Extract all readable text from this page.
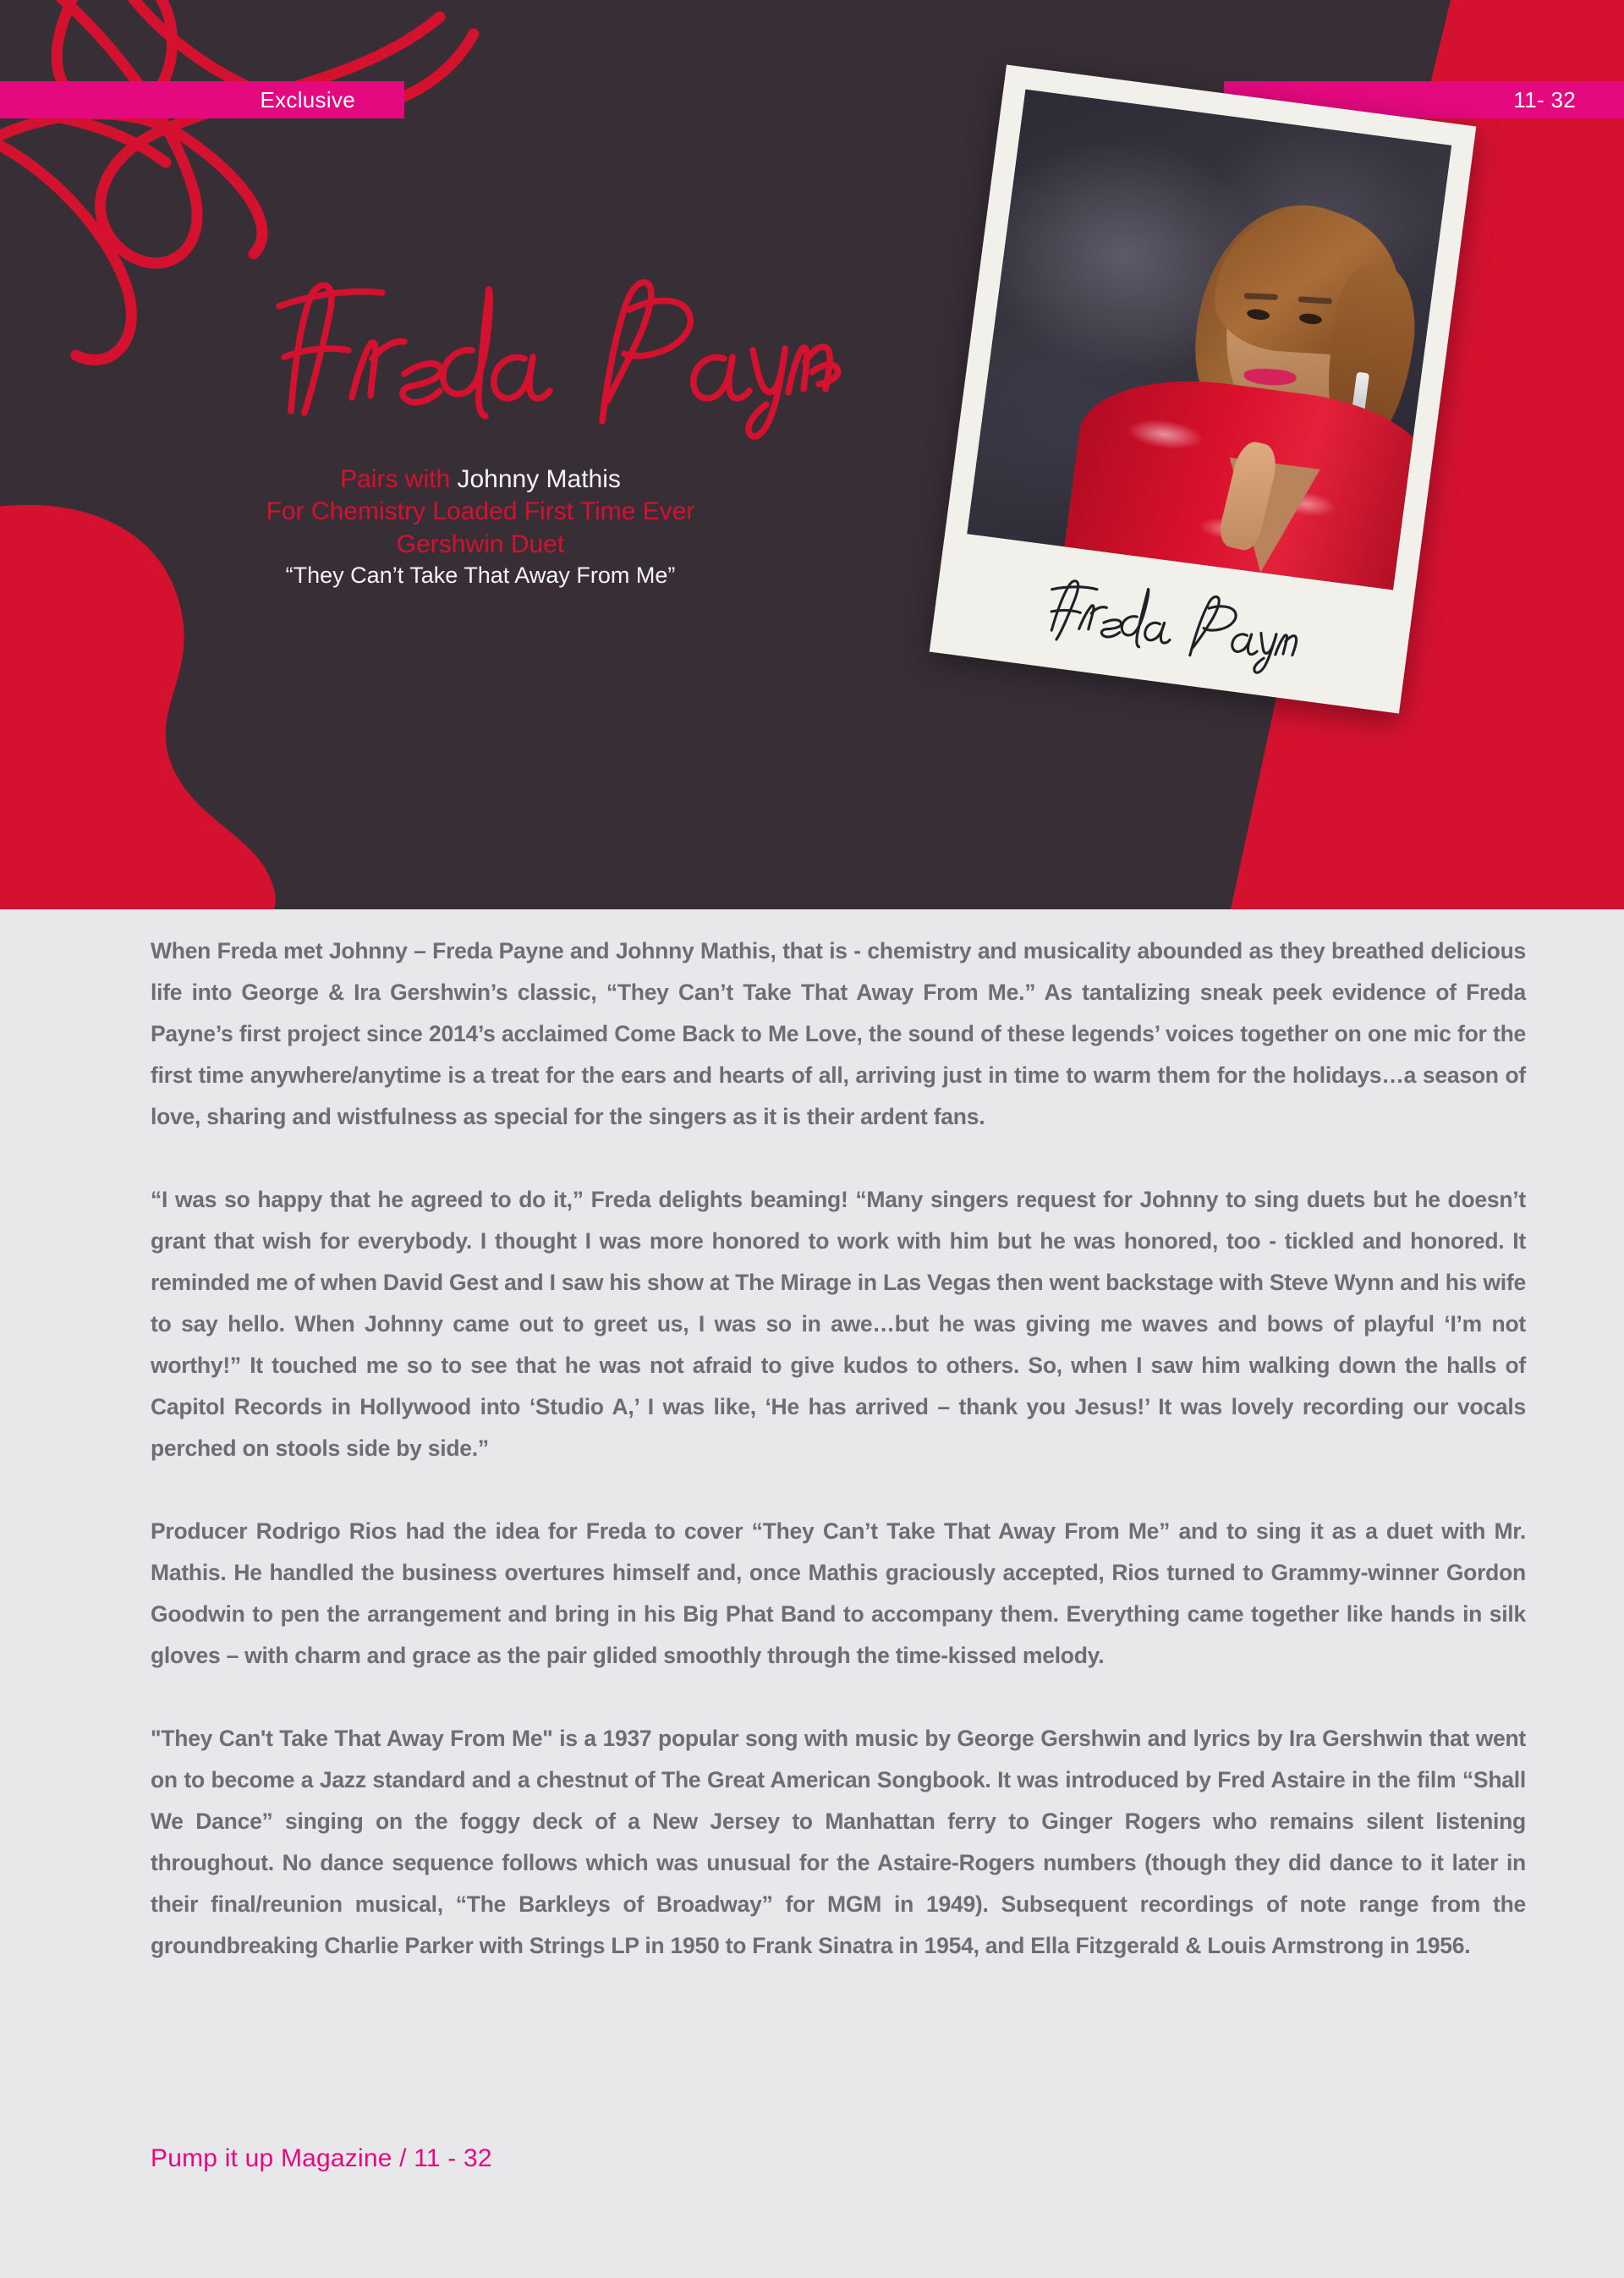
Exclusive	11- 32
Pairs with Johnny Mathis
For Chemistry Loaded First Time Ever
Gershwin Duet
“They Can’t Take That Away From Me”

When Freda met Johnny – Freda Payne and Johnny Mathis, that is - chemistry and musicality abounded as they breathed delicious life into George & Ira Gershwin’s classic, “They Can’t Take That Away From Me.” As tantalizing sneak peek evidence of Freda Payne’s first project since 2014’s acclaimed Come Back to Me Love, the sound of these legends’ voices together on one mic for the first time anywhere/anytime is a treat for the ears and hearts of all, arriving just in time to warm them for the holidays…a season of love, sharing and wistfulness as special for the singers as it is their ardent fans.

“I was so happy that he agreed to do it,” Freda delights beaming! “Many singers request for Johnny to sing duets but he doesn’t grant that wish for everybody. I thought I was more honored to work with him but he was honored, too - tickled and honored. It reminded me of when David Gest and I saw his show at The Mirage in Las Vegas then went backstage with Steve Wynn and his wife to say hello. When Johnny came out to greet us, I was so in awe…but he was giving me waves and bows of playful ‘I’m not worthy!” It touched me so to see that he was not afraid to give kudos to others. So, when I saw him walking down the halls of Capitol Records in Hollywood into ‘Studio A,’ I was like, ‘He has arrived – thank you Jesus!’ It was lovely recording our vocals perched on stools side by side.”

Producer Rodrigo Rios had the idea for Freda to cover “They Can’t Take That Away From Me” and to sing it as a duet with Mr. Mathis. He handled the business overtures himself and, once Mathis graciously accepted, Rios turned to Grammy-winner Gordon Goodwin to pen the arrangement and bring in his Big Phat Band to accompany them. Everything came together like hands in silk gloves – with charm and grace as the pair glided smoothly through the time-kissed melody.

"They Can't Take That Away From Me" is a 1937 popular song with music by George Gershwin and lyrics by Ira Gershwin that went on to become a Jazz standard and a chestnut of The Great American Songbook. It was introduced by Fred Astaire in the film “Shall We Dance” singing on the foggy deck of a New Jersey to Manhattan ferry to Ginger Rogers who remains silent listening throughout. No dance sequence follows which was unusual for the Astaire-Rogers numbers (though they did dance to it later in their final/reunion musical, “The Barkleys of Broadway” for MGM in 1949). Subsequent recordings of note range from the groundbreaking Charlie Parker with Strings LP in 1950 to Frank Sinatra in 1954, and Ella Fitzgerald & Louis Armstrong in 1956.

Pump it up Magazine / 11 - 32
